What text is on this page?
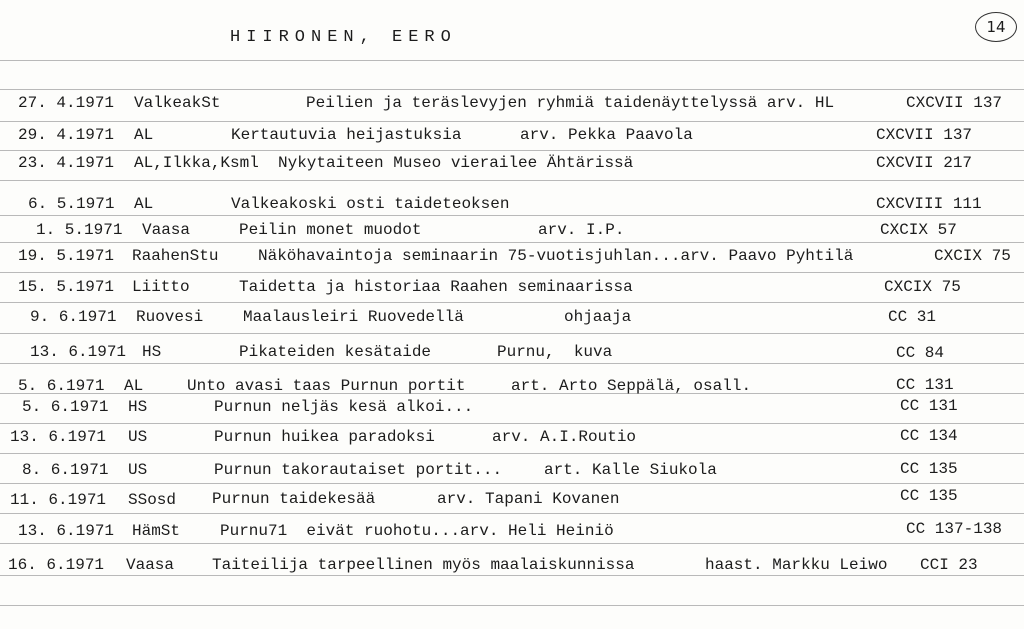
HIIRONEN, EERO
14
27. 4.1971 ValkeakSt	Peilien ja teräslevyjen ryhmiä taidenäyttelyssä arv. HL	CXCVII 137
29. 4.1971 AL	Kertautuvia heijastuksia	arv. Pekka Paavola	CXCVII 137
23. 4.1971 AL,Ilkka,Ksml Nykytaiteen Museo vierailee Ähtärissä	CXCVII 217
6. 5.1971 AL	Valkeakoski osti taideteoksen	CXCVIII 111
1. 5.1971 Vaasa	Peilin monet muodot	arv. I.P.	CXCIX 57
19. 5.1971 RaahenStu Näköhavaintoja seminaarin 75-vuotisjuhlan...arv. Paavo Pyhtilä	CXCIX 75
15. 5.1971 Liitto	Taidetta ja historiaa Raahen seminaarissa	CXCIX 75
9. 6.1971 Ruovesi Maalausleiri Ruovedellä	ohjaaja	CC 31
13. 6.1971 HS	Pikateiden kesätaide	Purnu,  kuva	CC 84
5. 6.1971 AL	Unto avasi taas Purnun portit	art. Arto Seppälä, osall.	CC 131
5. 6.1971 HS	Purnun neljäs kesä alkoi...	CC 131
13. 6.1971 US	Purnun huikea paradoksi	arv. A.I.Routio	CC 134
8. 6.1971 US	Purnun takorautaiset portit...	art. Kalle Siukola	CC 135
11. 6.1971 SSosd Purnun taidekesää	arv. Tapani Kovanen	CC 135
13. 6.1971 HämSt Purnu71  eivät ruohotu...arv. Heli Heiniö	CC 137-138
16. 6.1971 Vaasa Taiteilija tarpeellinen myös maalaiskunnissa	haast. Markku Leiwo CCI 23
